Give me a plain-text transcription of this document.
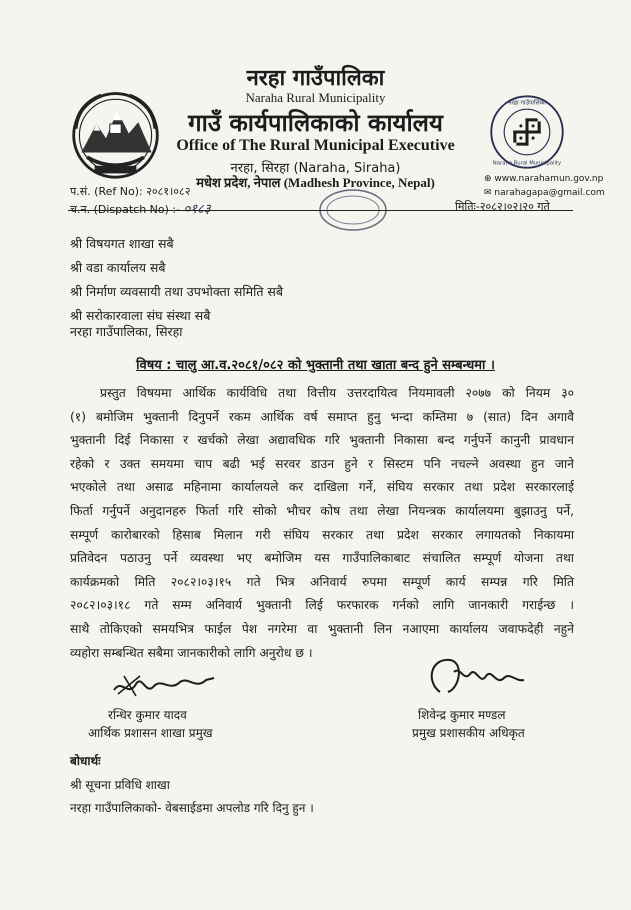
नरहा गाउँपालिका
Naraha Rural Municipality
नरहा गाउँपालिका
Naraha Rural Municipality
गाउँ कार्यपालिकाको कार्यालय
Office of The Rural Municipal Executive
नरहा, सिरहा (Naraha, Siraha)
मधेश प्रदेश, नेपाल (Madhesh Province, Nepal)	⊕ www.narahamun.gov.np
✉ narahagapa@gmail.com
प.सं. (Ref No): २०८१।०८२
च.न. (Dispatch No) :- ०१८३	मितिः-२०८२।०२।२० गते
श्री विषयगत शाखा सबै
श्री वडा कार्यालय सबै
श्री निर्माण व्यवसायी तथा उपभोक्ता समिति सबै
श्री सरोकारवाला संघ संस्था सबै
नरहा गाउँपालिका, सिरहा
विषय : चालु आ.व.२०८१/०८२ को भुक्तानी तथा खाता बन्द हुने सम्बन्धमा ।
प्रस्तुत विषयमा आर्थिक कार्यविधि तथा वित्तीय उत्तरदायित्व नियमावली २०७७ को नियम ३०
(१) बमोजिम भुक्तानी दिनुपर्ने रकम आर्थिक वर्ष समाप्त हुनु भन्दा कम्तिमा ७ (सात) दिन अगावै
भुक्तानी दिई निकासा र खर्चको लेखा अद्यावधिक गरि भुक्तानी निकासा बन्द गर्नुपर्ने कानुनी प्रावधान
रहेको र उक्त समयमा चाप बढी भई सरवर डाउन हुने र सिस्टम पनि नचल्ने अवस्था हुन जाने
भएकोले तथा असाढ महिनामा कार्यालयले कर दाखिला गर्ने, संघिय सरकार तथा प्रदेश सरकारलाई
फिर्ता गर्नुपर्ने अनुदानहरु फिर्ता गरि सोको भौचर कोष तथा लेखा नियन्त्रक कार्यालयमा बुझाउनु पर्ने,
सम्पूर्ण कारोबारको हिसाब मिलान गरी संघिय सरकार तथा प्रदेश सरकार लगायतको निकायमा
प्रतिवेदन पठाउनु पर्ने व्यवस्था भए बमोजिम यस गाउँपालिकाबाट संचालित सम्पूर्ण योजना तथा
कार्यक्रमको मिति २०८२।०३।१५ गते भित्र अनिवार्य रुपमा सम्पूर्ण कार्य सम्पन्न गरि मिति
२०८२।०३।१८ गते सम्म अनिवार्य भुक्तानी लिई फरफारक गर्नको लागि जानकारी गराईन्छ ।
साथै तोकिएको समयभित्र फाईल पेश नगरेमा वा भुक्तानी लिन नआएमा कार्यालय जवाफदेही नहुने
व्यहोरा सम्बन्धित सबैमा जानकारीको लागि अनुरोध छ ।
रन्धिर कुमार यादव
आर्थिक प्रशासन शाखा प्रमुख
शिवेन्द्र कुमार मण्डल
प्रमुख प्रशासकीय अधिकृत
बोधार्थः
श्री सूचना प्रविधि शाखा
नरहा गाउँपालिकाको- वेबसाईडमा अपलोड गरि दिनु हुन ।
